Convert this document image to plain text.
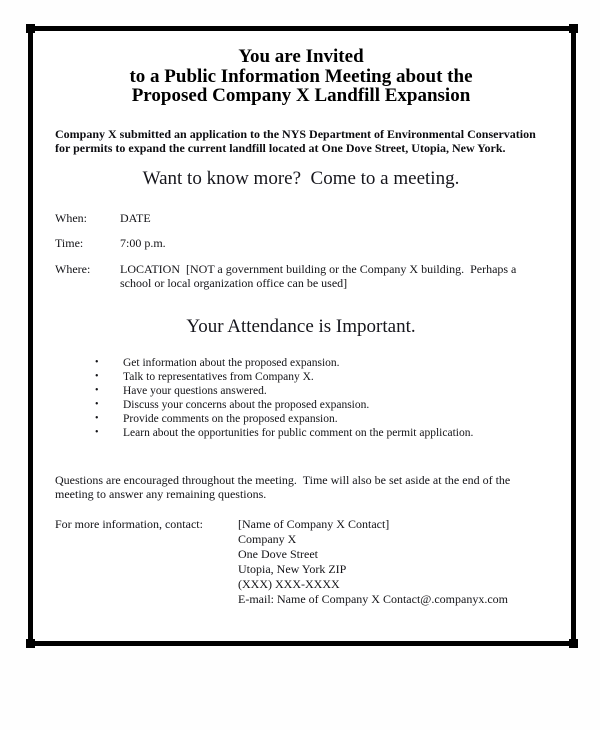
You are Invited
to a Public Information Meeting about the
Proposed Company X Landfill Expansion

Company X submitted an application to the NYS Department of Environmental Conservation for permits to expand the current landfill located at One Dove Street, Utopia, New York.

Want to know more?  Come to a meeting.

When:	DATE
Time:	7:00 p.m.
Where:	LOCATION  [NOT a government building or the Company X building.  Perhaps a school or local organization office can be used]
Your Attendance is Important.
•	Get information about the proposed expansion.
•	Talk to representatives from Company X.
•	Have your questions answered.
•	Discuss your concerns about the proposed expansion.
•	Provide comments on the proposed expansion.
•	Learn about the opportunities for public comment on the permit application.

Questions are encouraged throughout the meeting.  Time will also be set aside at the end of the meeting to answer any remaining questions.

For more information, contact:	[Name of Company X Contact]
Company X
One Dove Street
Utopia, New York ZIP
(XXX) XXX-XXXX
E-mail: Name of Company X Contact@.companyx.com
